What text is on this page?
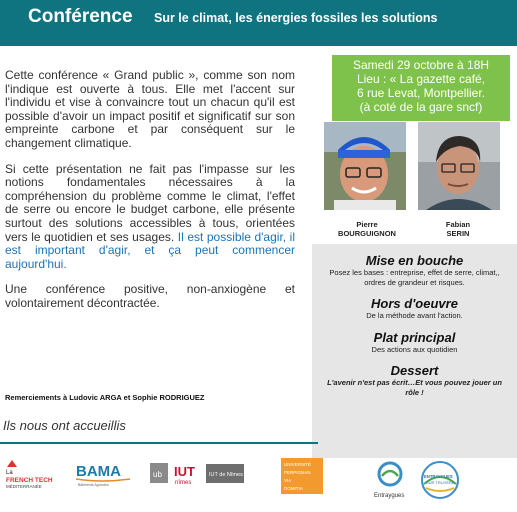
Conférence Sur le climat, les énergies fossiles les solutions
Samedi 29 octobre à 18H
Lieu : « La gazette café,
6 rue Levat, Montpellier.
(à coté de la gare sncf)

Cette conférence « Grand public », comme son nom l'indique est ouverte à tous. Elle met l'accent sur l'individu et vise à convaincre tout un chacun qu'il est possible d'avoir un impact positif et significatif sur son empreinte carbone et par conséquent sur le changement climatique.

Si cette présentation ne fait pas l'impasse sur les notions fondamentales nécessaires à la compréhension du problème comme le climat, l'effet de serre ou encore le budget carbone, elle présente surtout des solutions accessibles à tous, orientées vers le quotidien et ses usages. Il est possible d'agir, il est important d'agir, et ça peut commencer aujourd'hui.

Une conférence positive, non-anxiogène et volontairement décontractée.

Pierre
BOURGUIGNON
Fabian
SERIN
Mise en bouche

Posez les bases : entreprise, effet de serre, climat,, ordres de grandeur et risques.

Hors d'oeuvre

De la méthode avant l'action.

Plat principal

Des actions aux quotidien

Dessert

L'avenir n'est pas écrit…Et vous pouvez jouer un rôle !

Remerciements à Ludovic ARGA et Sophie RODRIGUEZ
Ils nous ont accueillis
La
FRENCH TECH
MÉDITERRANÉE
BAMA
Bâtiments Agricoles
ub IUT
nîmes
IUT de Nîmes
UNIVERSITÉ
PERPIGNAN
VIA
DOMITIA
Entraygues
ENTRAYGUES
SUR TRUYÈRE
